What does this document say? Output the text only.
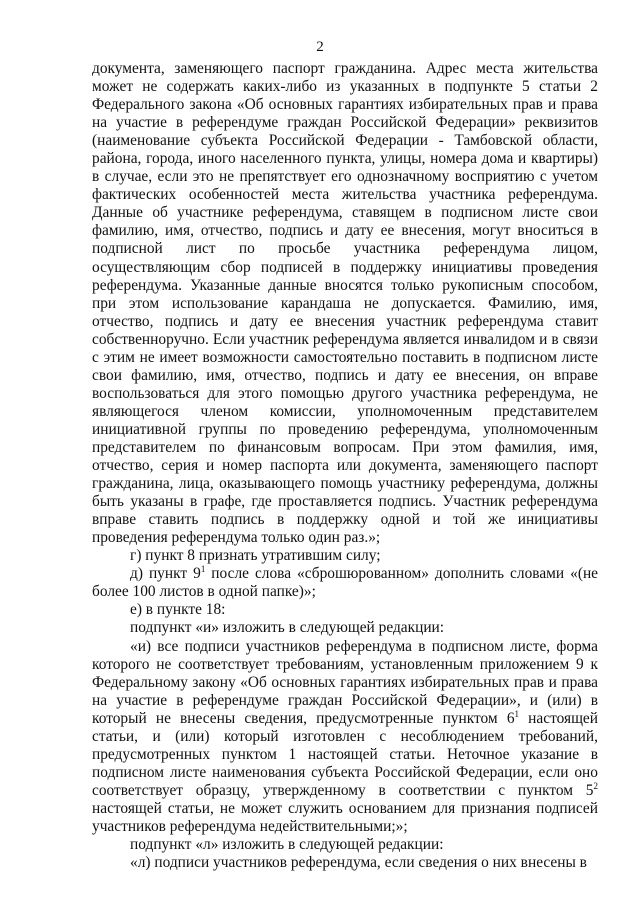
2

документа, заменяющего паспорт гражданина. Адрес места жительства может не содержать каких-либо из указанных в подпункте 5 статьи 2 Федерального закона «Об основных гарантиях избирательных прав и права на участие в референдуме граждан Российской Федерации» реквизитов (наименование субъекта Российской Федерации - Тамбовской области, района, города, иного населенного пункта, улицы, номера дома и квартиры) в случае, если это не препятствует его однозначному восприятию с учетом фактических особенностей места жительства участника референдума. Данные об участнике референдума, ставящем в подписном листе свои фамилию, имя, отчество, подпись и дату ее внесения, могут вноситься в подписной лист по просьбе участника референдума лицом, осуществляющим сбор подписей в поддержку инициативы проведения референдума. Указанные данные вносятся только рукописным способом, при этом использование карандаша не допускается. Фамилию, имя, отчество, подпись и дату ее внесения участник референдума ставит собственноручно. Если участник референдума является инвалидом и в связи с этим не имеет возможности самостоятельно поставить в подписном листе свои фамилию, имя, отчество, подпись и дату ее внесения, он вправе воспользоваться для этого помощью другого участника референдума, не являющегося членом комиссии, уполномоченным представителем инициативной группы по проведению референдума, уполномоченным представителем по финансовым вопросам. При этом фамилия, имя, отчество, серия и номер паспорта или документа, заменяющего паспорт гражданина, лица, оказывающего помощь участнику референдума, должны быть указаны в графе, где проставляется подпись. Участник референдума вправе ставить подпись в поддержку одной и той же инициативы проведения референдума только один раз.»;

г) пункт 8 признать утратившим силу;

д) пункт $9^1$ после слова «сброшюрованном» дополнить словами «(не более 100 листов в одной папке)»;

е) в пункте 18:

подпункт «и» изложить в следующей редакции:

«и) все подписи участников референдума в подписном листе, форма которого не соответствует требованиям, установленным приложением 9 к Федеральному закону «Об основных гарантиях избирательных прав и права на участие в референдуме граждан Российской Федерации», и (или) в который не внесены сведения, предусмотренные пунктом $6^1$ настоящей статьи, и (или) который изготовлен с несоблюдением требований, предусмотренных пунктом 1 настоящей статьи. Неточное указание в подписном листе наименования субъекта Российской Федерации, если оно соответствует образцу, утвержденному в соответствии с пунктом $5^2$ настоящей статьи, не может служить основанием для признания подписей участников референдума недействительными;»;

подпункт «л» изложить в следующей редакции:

«л) подписи участников референдума, если сведения о них внесены в
